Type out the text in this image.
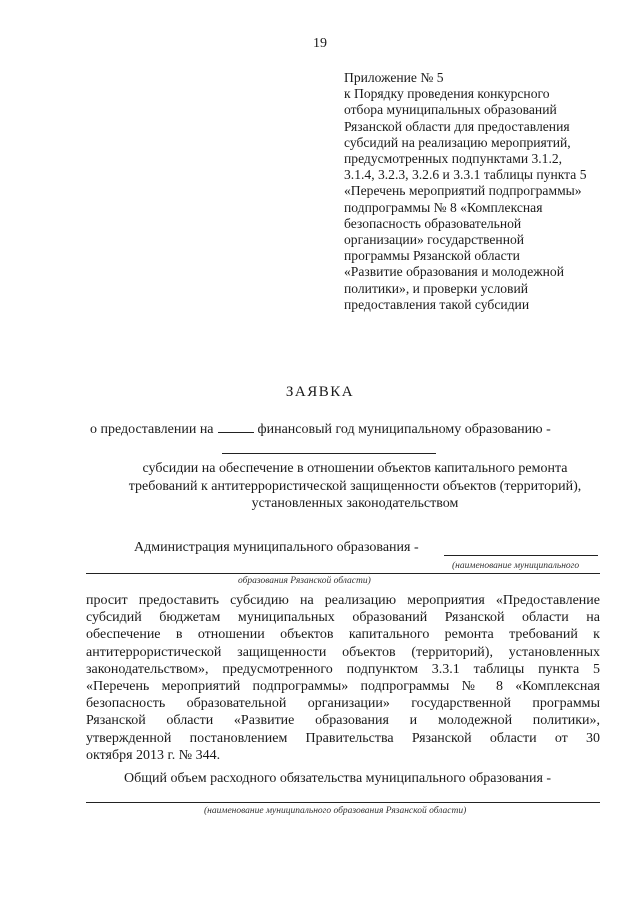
19
Приложение № 5
к Порядку проведения конкурсного
отбора муниципальных образований
Рязанской области для предоставления
субсидий на реализацию мероприятий,
предусмотренных подпунктами 3.1.2,
3.1.4, 3.2.3, 3.2.6 и 3.3.1 таблицы пункта 5
«Перечень мероприятий подпрограммы»
подпрограммы № 8 «Комплексная
безопасность образовательной
организации» государственной
программы Рязанской области
«Развитие образования и молодежной
политики», и проверки условий
предоставления такой субсидии
ЗАЯВКА
о предоставлении на	финансовый год муниципальному образованию -
субсидии на обеспечение в отношении объектов капитального ремонта
требований к антитеррористической защищенности объектов (территорий),
установленных законодательством
Администрация муниципального образования -
(наименование муниципального
образования Рязанской области)
просит предоставить субсидию на реализацию мероприятия «Предоставление
субсидий бюджетам муниципальных образований Рязанской области на
обеспечение в отношении объектов капитального ремонта требований к
антитеррористической защищенности объектов (территорий), установленных
законодательством», предусмотренного подпунктом 3.3.1 таблицы пункта 5
«Перечень мероприятий подпрограммы» подпрограммы № 8 «Комплексная
безопасность образовательной организации» государственной программы
Рязанской области «Развитие образования и молодежной политики»,
утвержденной постановлением Правительства Рязанской области от 30
октября 2013 г. № 344.
Общий объем расходного обязательства муниципального образования -
(наименование муниципального образования Рязанской области)
